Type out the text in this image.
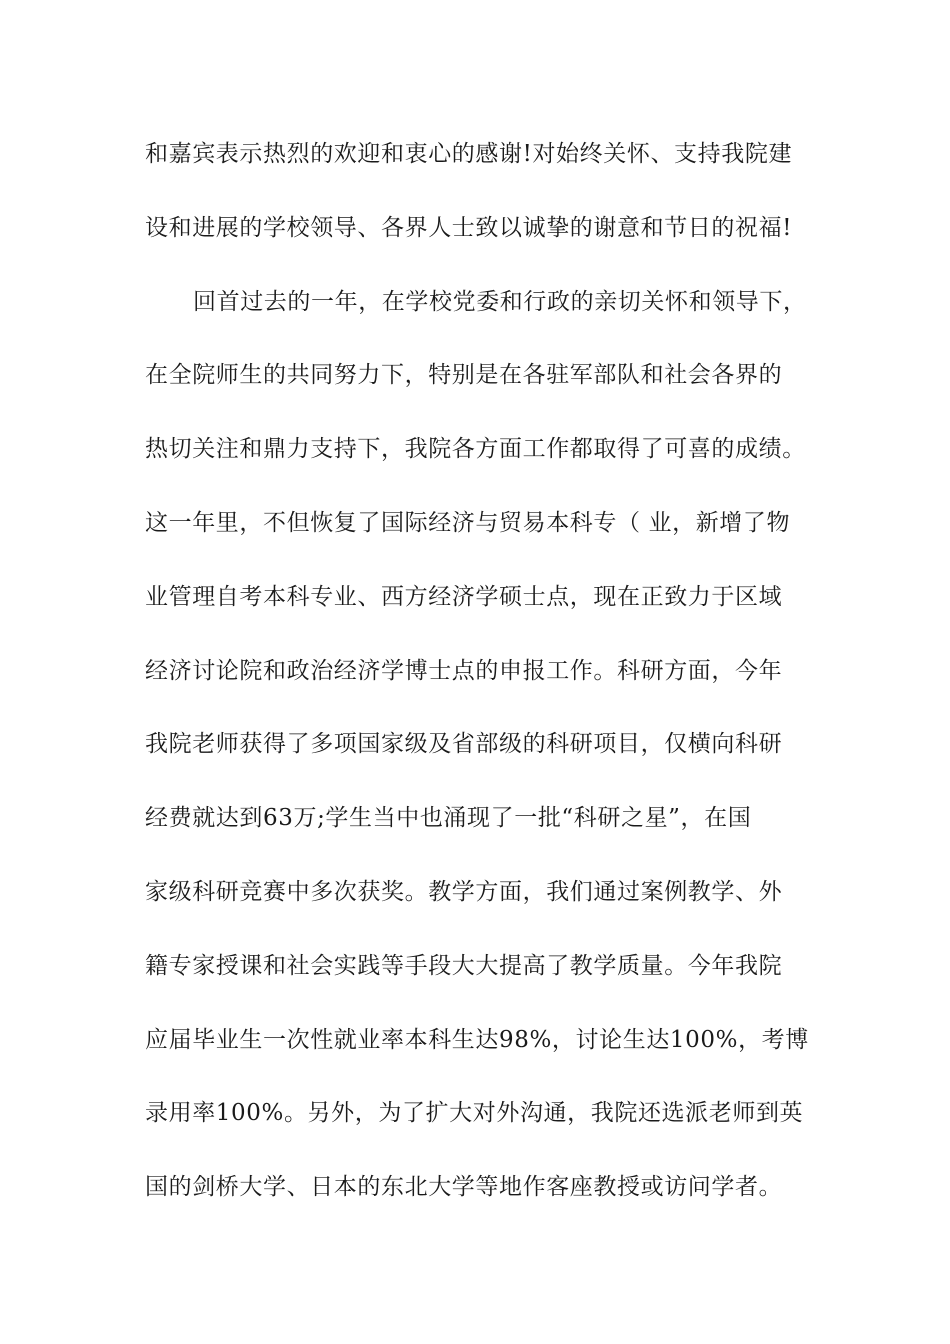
和嘉宾表示热烈的欢迎和衷心的感谢!对始终关怀、支持我院建
设和进展的学校领导、各界人士致以诚挚的谢意和节日的祝福!
回首过去的一年，在学校党委和行政的亲切关怀和领导下，
在全院师生的共同努力下，特别是在各驻军部队和社会各界的
热切关注和鼎力支持下，我院各方面工作都取得了可喜的成绩。
这一年里，不但恢复了国际经济与贸易本科专（ 业，新增了物
业管理自考本科专业、西方经济学硕士点，现在正致力于区域
经济讨论院和政治经济学博士点的申报工作。科研方面，今年
我院老师获得了多项国家级及省部级的科研项目，仅横向科研
经费就达到63万;学生当中也涌现了一批“科研之星”，在国
家级科研竞赛中多次获奖。教学方面，我们通过案例教学、外
籍专家授课和社会实践等手段大大提高了教学质量。今年我院
应届毕业生一次性就业率本科生达98%，讨论生达100%，考博
录用率100%。另外，为了扩大对外沟通，我院还选派老师到英
国的剑桥大学、日本的东北大学等地作客座教授或访问学者。
